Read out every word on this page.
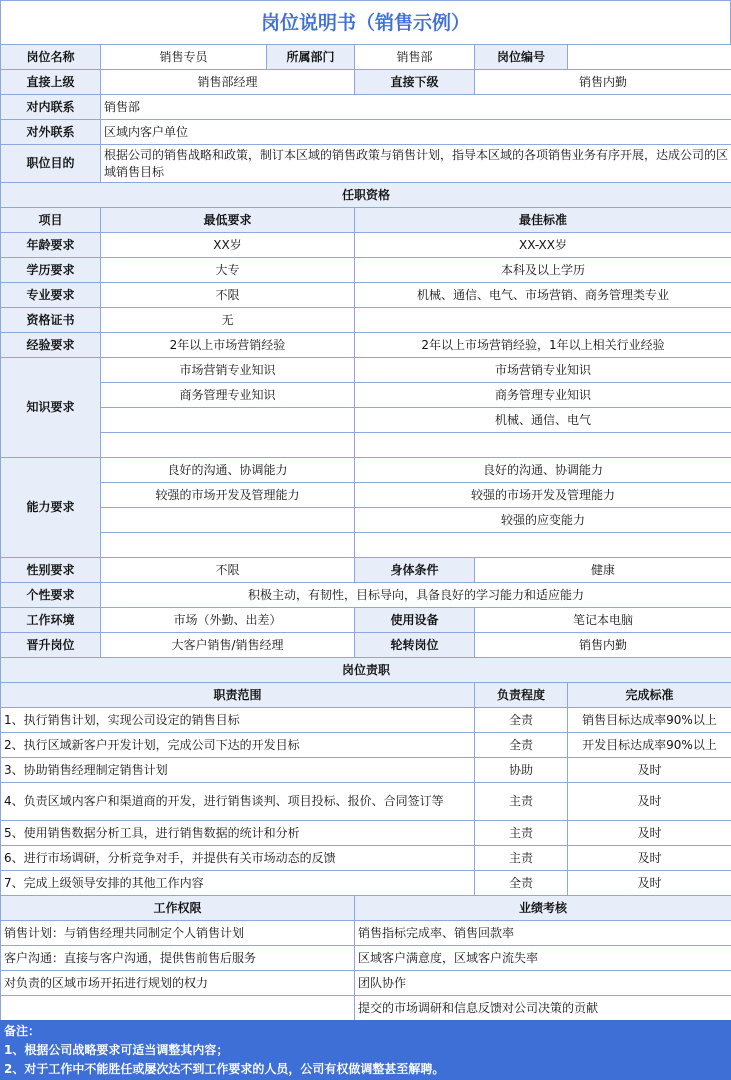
岗位说明书（销售示例）
岗位名称	销售专员	所属部门	销售部	岗位编号	
直接上级	销售部经理		直接下级	销售内勤	
对内联系	销售部				
对外联系	区域内客户单位				
职位目的	根据公司的销售战略和政策，制订本区域的销售政策与销售计划，指导本区域的各项销售业务有序开展，达成公司的区域销售目标				
任职资格					
项目	最低要求		最佳标准		
年龄要求	XX岁		XX-XX岁		
学历要求	大专		本科及以上学历		
专业要求	不限		机械、通信、电气、市场营销、商务管理类专业		
资格证书	无				
经验要求	2年以上市场营销经验		2年以上市场营销经验，1年以上相关行业经验		
知识要求	市场营销专业知识		市场营销专业知识		
	商务管理专业知识		商务管理专业知识		
			机械、通信、电气		

能力要求	良好的沟通、协调能力		良好的沟通、协调能力		
	较强的市场开发及管理能力		较强的市场开发及管理能力		
			较强的应变能力		

性别要求	不限		身体条件	健康	
个性要求	积极主动，有韧性，目标导向，具备良好的学习能力和适应能力				
工作环境	市场（外勤、出差）		使用设备	笔记本电脑	
晋升岗位	大客户销售/销售经理		轮转岗位	销售内勤	
岗位责职					
职责范围				负责程度	完成标准
1、执行销售计划，实现公司设定的销售目标				全责	销售目标达成率90%以上
2、执行区域新客户开发计划，完成公司下达的开发目标				全责	开发目标达成率90%以上
3、协助销售经理制定销售计划				协助	及时
4、负责区域内客户和渠道商的开发，进行销售谈判、项目投标、报价、合同签订等				主责	及时
5、使用销售数据分析工具，进行销售数据的统计和分析				主责	及时
6、进行市场调研，分析竞争对手，并提供有关市场动态的反馈				主责	及时
7、完成上级领导安排的其他工作内容				全责	及时
工作权限			业绩考核		
销售计划：与销售经理共同制定个人销售计划			销售指标完成率、销售回款率		
客户沟通：直接与客户沟通，提供售前售后服务			区域客户满意度，区域客户流失率		
对负责的区域市场开拓进行规划的权力			团队协作		
			提交的市场调研和信息反馈对公司决策的贡献		
备注：
1、根据公司战略要求可适当调整其内容；
2、对于工作中不能胜任或屡次达不到工作要求的人员，公司有权做调整甚至解聘。
